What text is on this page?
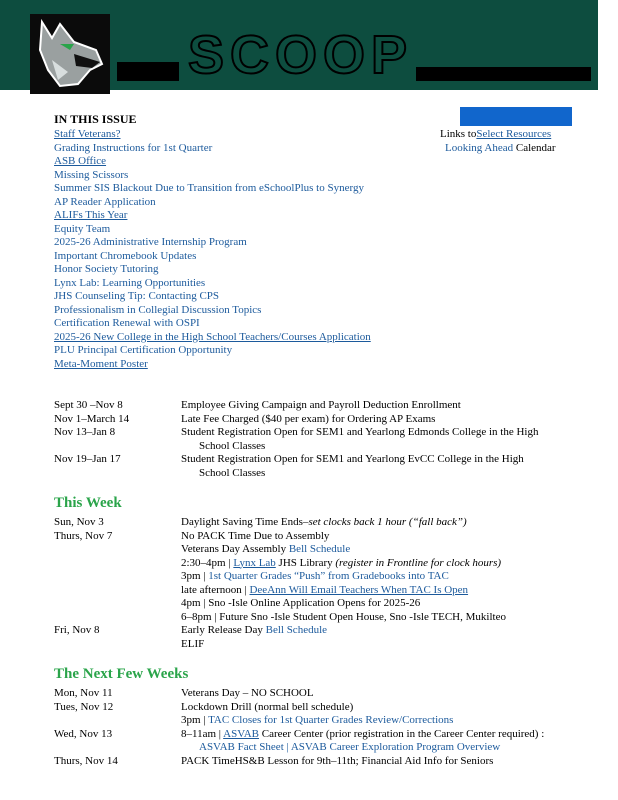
SCOOP
IN THIS ISSUE
Staff Veterans?
Grading Instructions for 1st Quarter
ASB Office
Missing Scissors
Summer SIS Blackout Due to Transition from eSchoolPlus to Synergy
AP Reader Application
ALIFs This Year
Equity Team
2025-26 Administrative Internship Program
Important Chromebook Updates
Honor Society Tutoring
Lynx Lab: Learning Opportunities
JHS Counseling Tip: Contacting CPS
Professionalism in Collegial Discussion Topics
Certification Renewal with OSPI
2025-26 New College in the High School Teachers/Courses Application
PLU Principal Certification Opportunity
Meta-Moment Poster
Links toSelect Resources
Looking Ahead Calendar
Sept 30 –Nov 8	Employee Giving Campaign and Payroll Deduction Enrollment
Nov 1–March 14	Late Fee Charged ($40 per exam) for Ordering AP Exams
Nov 13–Jan 8	Student Registration Open for SEM1 and Yearlong Edmonds College in the High
School Classes
Nov 19–Jan 17	Student Registration Open for SEM1 and Yearlong EvCC College in the High
School Classes
This Week
Sun, Nov 3	Daylight Saving Time Ends–set clocks back 1 hour (“fall back”)
Thurs, Nov 7	No PACK Time Due to Assembly
Veterans Day Assembly Bell Schedule
2:30–4pm | Lynx Lab JHS Library (register in Frontline for clock hours)
3pm | 1st Quarter Grades “Push” from Gradebooks into TAC
late afternoon | DeeAnn Will Email Teachers When TAC Is Open
4pm | Sno -Isle Online Application Opens for 2025-26
6–8pm | Future Sno -Isle Student Open House, Sno -Isle TECH, Mukilteo
Fri, Nov 8	Early Release Day Bell Schedule
ELIF
The Next Few Weeks
Mon, Nov 11	Veterans Day – NO SCHOOL
Tues, Nov 12	Lockdown Drill (normal bell schedule)
3pm | TAC Closes for 1st Quarter Grades Review/Corrections
Wed, Nov 13	8–11am | ASVAB Career Center (prior registration in the Career Center required) :
ASVAB Fact Sheet | ASVAB Career Exploration Program Overview
Thurs, Nov 14	PACK TimeHS&B Lesson for 9th–11th; Financial Aid Info for Seniors
